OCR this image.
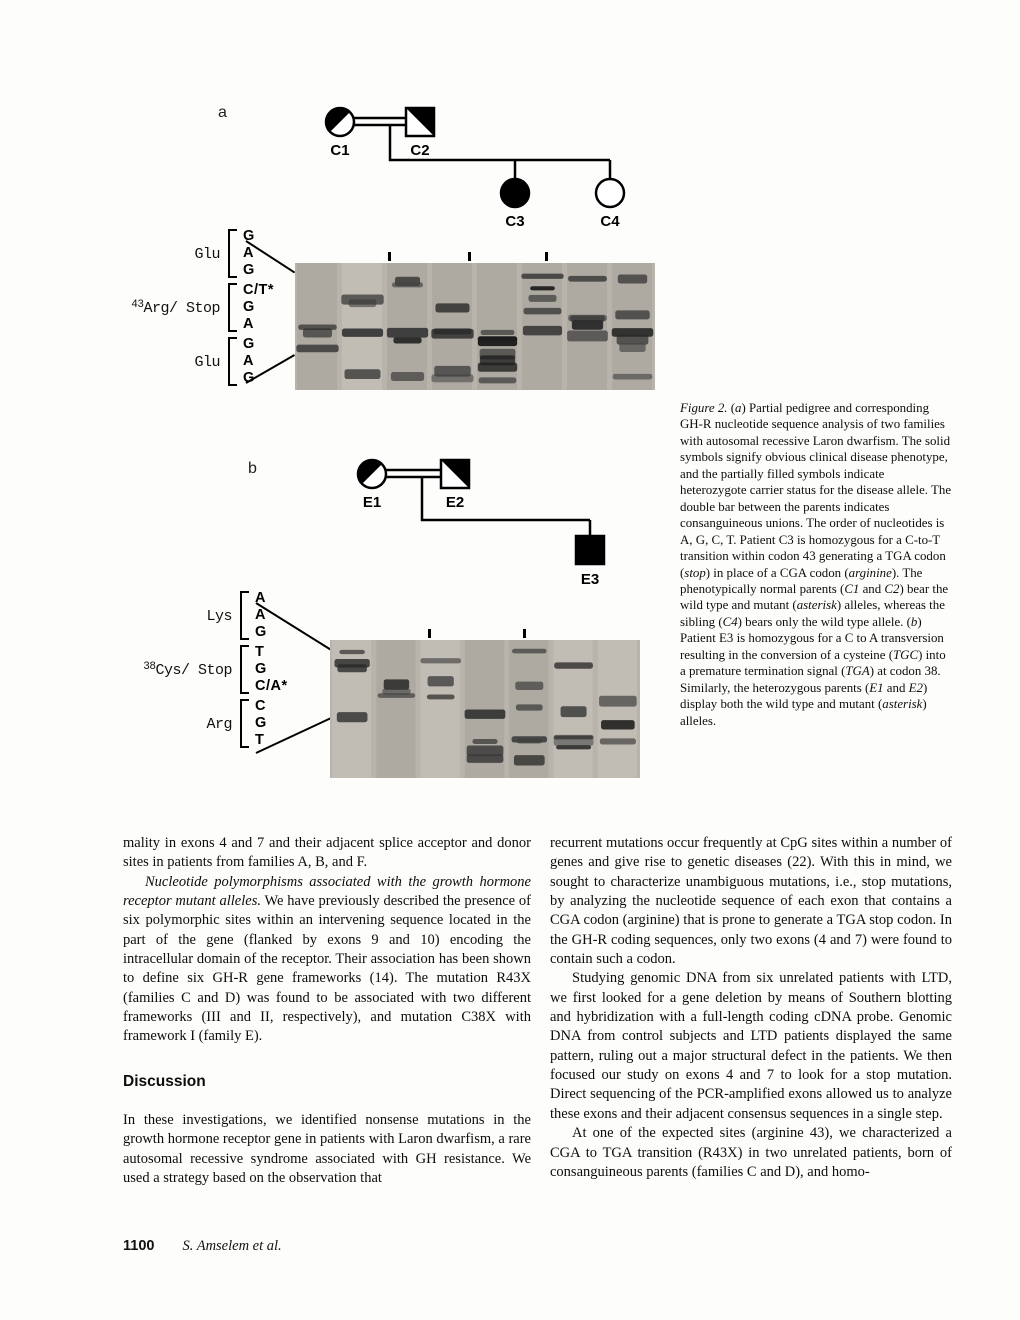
a
C1	C2
C3	C4
Glu
G
A
G
$^{43}$Arg/ Stop
C/T*
G
A
Glu
G
A
G
b
E1	E2
E3
Lys
A
A
G
$^{38}$Cys/ Stop
T
G
C/A*
Arg
C
G
T
Figure 2. (a) Partial pedigree and corresponding GH-R nucleotide sequence analysis of two families with autosomal recessive Laron dwarfism. The solid symbols signify obvious clinical disease phenotype, and the partially filled symbols indicate heterozygote carrier status for the disease allele. The double bar between the parents indicates consanguineous unions. The order of nucleotides is A, G, C, T. Patient C3 is homozygous for a C-to-T transition within codon 43 generating a TGA codon (stop) in place of a CGA codon (arginine). The phenotypically normal parents (C1 and C2) bear the wild type and mutant (asterisk) alleles, whereas the sibling (C4) bears only the wild type allele. (b) Patient E3 is homozygous for a C to A transversion resulting in the conversion of a cysteine (TGC) into a premature termination signal (TGA) at codon 38. Similarly, the heterozygous parents (E1 and E2) display both the wild type and mutant (asterisk) alleles.

mality in exons 4 and 7 and their adjacent splice acceptor and donor sites in patients from families A, B, and F.

Nucleotide polymorphisms associated with the growth hormone receptor mutant alleles. We have previously described the presence of six polymorphic sites within an intervening sequence located in the part of the gene (flanked by exons 9 and 10) encoding the intracellular domain of the receptor. Their association has been shown to define six GH-R gene frameworks (14). The mutation R43X (families C and D) was found to be associated with two different frameworks (III and II, respectively), and mutation C38X with framework I (family E).

Discussion

In these investigations, we identified nonsense mutations in the growth hormone receptor gene in patients with Laron dwarfism, a rare autosomal recessive syndrome associated with GH resistance. We used a strategy based on the observation that

recurrent mutations occur frequently at CpG sites within a number of genes and give rise to genetic diseases (22). With this in mind, we sought to characterize unambiguous mutations, i.e., stop mutations, by analyzing the nucleotide sequence of each exon that contains a CGA codon (arginine) that is prone to generate a TGA stop codon. In the GH-R coding sequences, only two exons (4 and 7) were found to contain such a codon.

Studying genomic DNA from six unrelated patients with LTD, we first looked for a gene deletion by means of Southern blotting and hybridization with a full-length coding cDNA probe. Genomic DNA from control subjects and LTD patients displayed the same pattern, ruling out a major structural defect in the patients. We then focused our study on exons 4 and 7 to look for a stop mutation. Direct sequencing of the PCR-amplified exons allowed us to analyze these exons and their adjacent consensus sequences in a single step.

At one of the expected sites (arginine 43), we characterized a CGA to TGA transition (R43X) in two unrelated patients, born of consanguineous parents (families C and D), and homo-

1100 S. Amselem et al.
